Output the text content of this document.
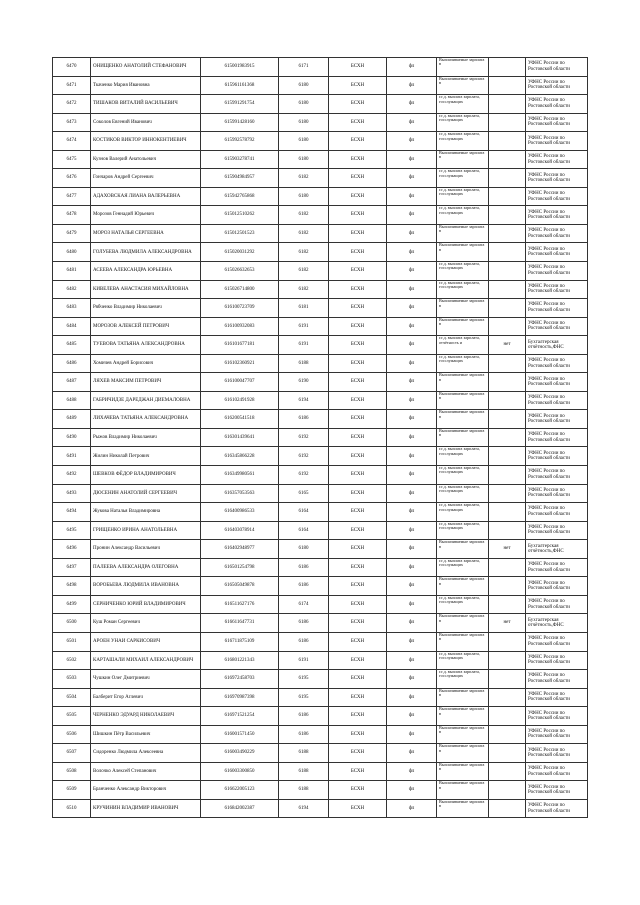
6470	ОНИЩЕНКО АНАТОЛИЙ СТЕФАНОВИЧ	615001983915	6171	БСХН	фл	Выплачиваемые зарплата в		УФНС России по Ростовской области
6471	Ткаченко Мария Ивановна	615961161368	6180	БСХН	фл	Выплачиваемые зарплата в		УФНС России по Ростовской области
6472	ТИШАКОВ ВИТАЛИЙ ВАСИЛЬЕВИЧ	615991291754	6180	БСХН	фл	г.г.д. выплата зарплата, госслужащих		УФНС России по Ростовской области
6473	Соколов Евгений Иванович	615991428160	6180	БСХН	фл	г.г.д. выплата зарплата, госслужащих		УФНС России по Ростовской области
6474	КОСТИКОВ ВИКТОР ИННОКЕНТИЕВИЧ	615992578792	6180	БСХН	фл	г.г.д. выплата зарплата, госслужащих		УФНС России по Ростовской области
6475	Кузнов Валерий Анатольевич	615903278741	6180	БСХН	фл	Выплачиваемые зарплата в		УФНС России по Ростовской области
6476	Гончаров Андрей Сергеевич	615904984957	6182	БСХН	фл	г.г.д. выплата зарплата, госслужащих		УФНС России по Ростовской области
6477	АДАХОВСКАЯ ЛИАНА ВАЛЕРЬЕВНА	615942765868	6180	БСХН	фл	г.г.д. выплата зарплата, госслужащих		УФНС России по Ростовской области
6478	Морозов Геннадий Юрьевич	615012510262	6182	БСХН	фл	г.г.д. выплата зарплата, госслужащих		УФНС России по Ростовской области
6479	МОРОЗ НАТАЛЬЯ СЕРГЕЕВНА	615012501523	6182	БСХН	фл	Выплачиваемые зарплата в		УФНС России по Ростовской области
6480	ГОЛУБЕВА ЛЮДМИЛА АЛЕКСАНДРОВНА	615020031292	6182	БСХН	фл	Выплачиваемые зарплата в		УФНС России по Ростовской области
6481	АСЕЕВА АЛЕКСАНДРА ЮРЬЕВНА	615026632653	6182	БСХН	фл	г.г.д. выплата зарплата, госслужащих		УФНС России по Ростовской области
6482	КИВЕЛЕВА АНАСТАСИЯ МИХАЙЛОВНА	615026714800	6182	БСХН	фл	г.г.д. выплата зарплата, госслужащих		УФНС России по Ростовской области
6483	Рябченко Владимир Николаевич	616100723709	6181	БСХН	фл	Выплачиваемые зарплата в		УФНС России по Ростовской области
6484	МОРОЗОВ АЛЕКСЕЙ ПЕТРОВИЧ	616100932083	6191	БСХН	фл	Выплачиваемые зарплата в		УФНС России по Ростовской области
6485	ТУЕВОВА ТАТЬЯНА АЛЕКСАНДРОВНА	616101677181	6191	БСХН	фл	г.г.д. выплата зарплата, отчётность и	нет	Бухгалтерская отчётность,ФНС
6486	Хомичев Андрей Борисович	616102360921	6188	БСХН	фл	г.г.д. выплата зарплата, госслужащих		УФНС России по Ростовской области
6487	ЛЯХЕВ МАКСИМ ПЕТРОВИЧ	616100047707	6190	БСХН	фл	Выплачиваемые зарплата в		УФНС России по Ростовской области
6488	ГАБРИЧИДЗЕ ДАРЕДЖАН ДИЕМАЛОВНА	616102491928	6194	БСХН	фл	Выплачиваемые зарплата в		УФНС России по Ростовской области
6489	ЛИХАЧЕВА ТАТЬЯНА АЛЕКСАНДРОВНА	616200541518	6186	БСХН	фл	Выплачиваемые зарплата в		УФНС России по Ростовской области
6490	Рыжов Владимир Николаевич	616301439641	6192	БСХН	фл	Выплачиваемые зарплата в		УФНС России по Ростовской области
6491	Жилин Николай Петрович	616345866228	6192	БСХН	фл	г.г.д. выплата зарплата, госслужащих		УФНС России по Ростовской области
6492	ШЕВКОВ ФЁДОР ВЛАДИМИРОВИЧ	616349980561	6192	БСХН	фл	г.г.д. выплата зарплата, госслужащих		УФНС России по Ростовской области
6493	ДЮСЕНИН АНАТОЛИЙ СЕРГЕЕВИЧ	616357053563	6165	БСХН	фл	г.г.д. выплата зарплата, госслужащих		УФНС России по Ростовской области
6494	Жукова Наталья Владимировна	616400986533	6164	БСХН	фл	г.г.д. выплата зарплата, госслужащих		УФНС России по Ростовской области
6495	ГРИЩЕНКО ИРИНА АНАТОЛЬЕВНА	616403078914	6164	БСХН	фл	г.г.д. выплата зарплата, госслужащих		УФНС России по Ростовской области
6496	Пронин Александр Васильевич	616402948977	6180	БСХН	фл	Выплачиваемые зарплата в	нет	Бухгалтерская отчётность,ФНС
6497	ПАЛЕЕВА АЛЕКСАНДРА ОЛЕГОВНА	616501254798	6186	БСХН	фл	г.г.д. выплата зарплата, госслужащих		УФНС России по Ростовской области
6498	ВОРОБЬЕВА ЛЮДМИЛА ИВАНОВНА	616505049878	6186	БСХН	фл	Выплачиваемые зарплата в		УФНС России по Ростовской области
6499	СЕРНИЧЕНКО ЮРИЙ ВЛАДИМИРОВИЧ	616511627176	6174	БСХН	фл	г.г.д. выплата зарплата, госслужащих		УФНС России по Ростовской области
6500	Куш Роман Сергеевич	616611647731	6186	БСХН	фл	Выплачиваемые зарплата в	нет	Бухгалтерская отчётность,ФНС
6501	АРОЕН УНАИ САРКИСОВИЧ	616711875109	6186	БСХН	фл	Выплачиваемые зарплата в		УФНС России по Ростовской области
6502	КАРТАШАЛИ МИХАИЛ АЛЕКСАНДРОВИЧ	616801221343	6191	БСХН	фл	г.г.д. выплата зарплата, госслужащих		УФНС России по Ростовской области
6503	Чушкин Олег Дмитриевич	616972458703	6195	БСХН	фл	г.г.д. выплата зарплата, госслужащих		УФНС России по Ростовской области
6504	Балберит Егор Аглевич	616970987398	6195	БСХН	фл	Выплачиваемые зарплата в		УФНС России по Ростовской области
6505	ЧЕРНЕНКО ЭДУАРД НИКОЛАЕВИЧ	616971521254	6186	БСХН	фл	Выплачиваемые зарплата в		УФНС России по Ростовской области
6506	Шишкин Пётр Васильевич	616001571450	6186	БСХН	фл	Выплачиваемые зарплата в		УФНС России по Ростовской области
6507	Сидоренко Людмила Алексеевна	616003490229	6188	БСХН	фл	Выплачиваемые зарплата в		УФНС России по Ростовской области
6508	Волочко Алексей Степанович	616003300850	6188	БСХН	фл	Выплачиваемые зарплата в		УФНС России по Ростовской области
6509	Бранченко Александр Викторович	616622005123	6188	БСХН	фл	Выплачиваемые зарплата в		УФНС России по Ростовской области
6510	КРУЧИНИН ВЛАДИМИР ИВАНОВИЧ	616842002387	6194	БСХН	фл	Выплачиваемые зарплата в		УФНС России по Ростовской области
